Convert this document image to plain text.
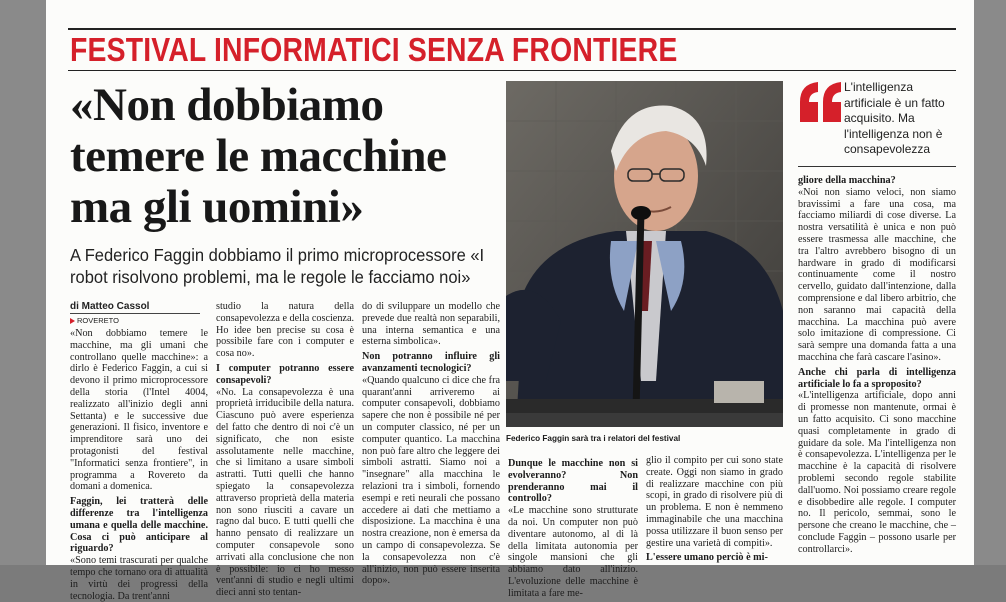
FESTIVAL INFORMATICI SENZA FRONTIERE
«Non dobbiamo temere le macchine ma gli uomini»
A Federico Faggin dobbiamo il primo microprocessore «I robot risolvono problemi, ma le regole le facciamo noi»
di Matteo Cassol
ROVERETO

«Non dobbiamo temere le macchine, ma gli umani che controllano quelle macchine»: a dirlo è Federico Faggin, a cui si devono il primo microprocessore della storia (l'Intel 4004, realizzato all'inizio degli anni Settanta) e le successive due generazioni. Il fisico, inventore e imprenditore sarà uno dei protagonisti del festival "Informatici senza frontiere", in programma a Rovereto da domani a domenica.

Faggin, lei tratterà delle differenze tra l'intelligenza umana e quella delle macchine. Cosa ci può anticipare al riguardo?

«Sono temi trascurati per qualche tempo che tornano ora di attualità in virtù dei progressi della tecnologia. Da trent'anni

studio la natura della consapevolezza e della coscienza. Ho idee ben precise su cosa è possibile fare con i computer e cosa no».

I computer potranno essere consapevoli?

«No. La consapevolezza è una proprietà irriducibile della natura. Ciascuno può avere esperienza del fatto che dentro di noi c'è un significato, che non esiste assolutamente nelle macchine, che si limitano a usare simboli astratti. Tutti quelli che hanno spiegato la consapevolezza attraverso proprietà della materia non sono riusciti a cavare un ragno dal buco. E tutti quelli che hanno pensato di realizzare un computer consapevole sono arrivati alla conclusione che non è possibile: io ci ho messo vent'anni di studio e negli ultimi dieci anni sto tentan-

do di sviluppare un modello che prevede due realtà non separabili, una interna semantica e una esterna simbolica».

Non potranno influire gli avanzamenti tecnologici?

«Quando qualcuno ci dice che fra quarant'anni arriveremo ai computer consapevoli, dobbiamo sapere che non è possibile né per un computer classico, né per un computer quantico. La macchina non può fare altro che leggere dei simboli astratti. Siamo noi a "insegnare" alla macchina le relazioni tra i simboli, fornendo esempi e reti neurali che possano accedere ai dati che mettiamo a disposizione. La macchina è una nostra creazione, non è emersa da un campo di consapevolezza. Se la consapevolezza non c'è all'inizio, non può essere inserita dopo».

Dunque le macchine non si evolveranno? Non prenderanno mai il controllo?

«Le macchine sono strutturate da noi. Un computer non può diventare autonomo, al di là della limitata autonomia per singole mansioni che gli abbiamo dato all'inizio. L'evoluzione delle macchine è limitata a fare me-

glio il compito per cui sono state create. Oggi non siamo in grado di realizzare macchine con più scopi, in grado di risolvere più di un problema. E non è nemmeno immaginabile che una macchina possa utilizzare il buon senso per gestire una varietà di compiti».

L'essere umano perciò è mi-

gliore della macchina?

«Noi non siamo veloci, non siamo bravissimi a fare una cosa, ma facciamo miliardi di cose diverse. La nostra versatilità è unica e non può essere trasmessa alle macchine, che tra l'altro avrebbero bisogno di un hardware in grado di modificarsi continuamente come il nostro cervello, guidato dall'intenzione, dalla comprensione e dal libero arbitrio, che non saranno mai capacità della macchina. La macchina può avere solo imitazione di compressione. Ci sarà sempre una domanda fatta a una macchina che farà cascare l'asino».

Anche chi parla di intelligenza artificiale lo fa a sproposito?

«L'intelligenza artificiale, dopo anni di promesse non mantenute, ormai è un fatto acquisito. Ci sono macchine quasi completamente in grado di guidare da sole. Ma l'intelligenza non è consapevolezza. L'intelligenza per le macchine è la capacità di risolvere problemi secondo regole stabilite dall'uomo. Noi possiamo creare regole e disobbedire alle regole. I computer no. Il pericolo, semmai, sono le persone che creano le macchine, che – conclude Faggin – possono usarle per controllarci».

Federico Faggin sarà tra i relatori del festival
L'intelligenza artificiale è un fatto acquisito. Ma l'intelligenza non è consapevolezza
